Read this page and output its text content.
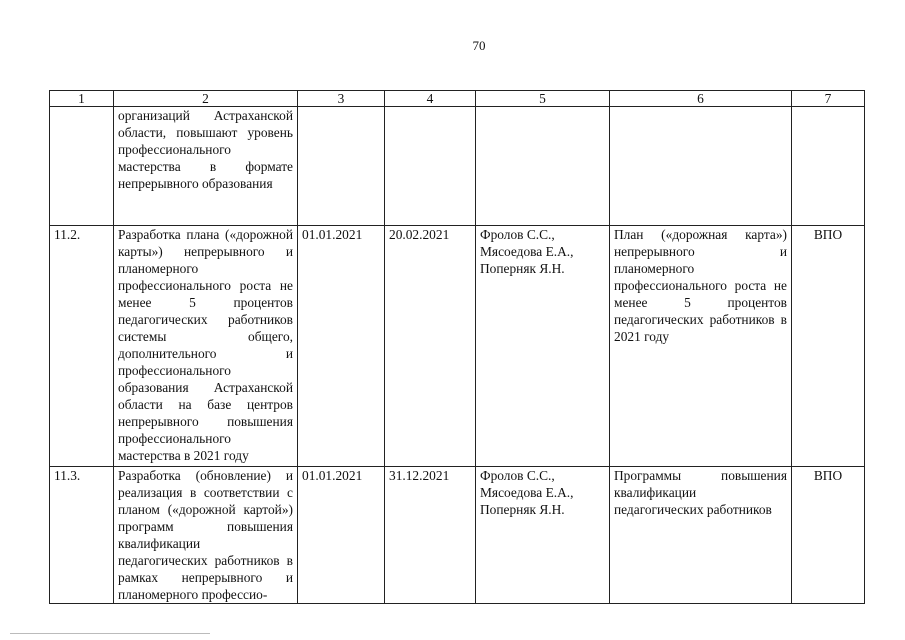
70
1	2	3	4	5	6	7
	организаций Астраханской области, повышают уровень профессионального мастерства в формате непрерывного образования					
11.2.	Разработка плана («дорожной карты») непрерывного и планомерного профессионального роста не менее 5 процентов педагогических работников системы общего, дополнительного и профессионального образования Астраханской области на базе центров непрерывного повышения профессионального мастерства в 2021 году	01.01.2021	20.02.2021	Фролов С.С., Мясоедова Е.А., Поперняк Я.Н.	План («дорожная карта») непрерывного и планомерного профессионального роста не менее 5 процентов педагогических работников в 2021 году	ВПО
11.3.	Разработка (обновление) и реализация в соответствии с планом («дорожной картой») программ повышения квалификации педагогических работников в рамках непрерывного и планомерного профессио-	01.01.2021	31.12.2021	Фролов С.С., Мясоедова Е.А., Поперняк Я.Н.	Программы повышения квалификации педагогических работников	ВПО
